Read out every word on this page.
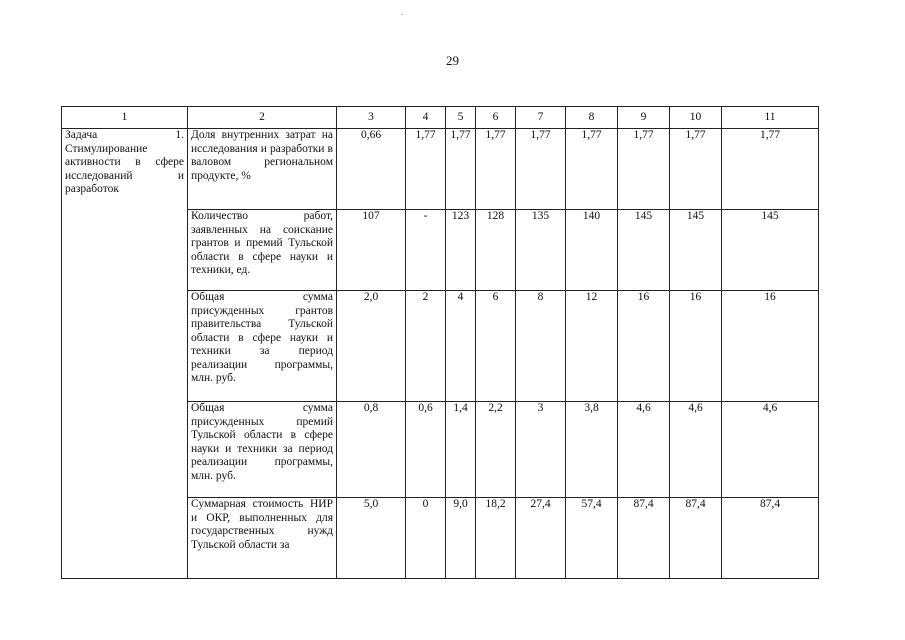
29
1	2	3	4	5	6	7	8	9	10	11
Задача 1. Стимулирование активности в сфере исследований и разработок	Доля внутренних затрат на исследования и разработки в валовом региональном продукте, %	0,66	1,77	1,77	1,77	1,77	1,77	1,77	1,77	1,77
	Количество работ, заявленных на соискание грантов и премий Тульской области в сфере науки и техники, ед.	107	-	123	128	135	140	145	145	145
	Общая сумма присужденных грантов правительства Тульской области в сфере науки и техники за период реализации программы, млн. руб.	2,0	2	4	6	8	12	16	16	16
	Общая сумма присужденных премий Тульской области в сфере науки и техники за период реализации программы, млн. руб.	0,8	0,6	1,4	2,2	3	3,8	4,6	4,6	4,6
	Суммарная стоимость НИР и ОКР, выполненных для государственных нужд Тульской области за	5,0	0	9,0	18,2	27,4	57,4	87,4	87,4	87,4
